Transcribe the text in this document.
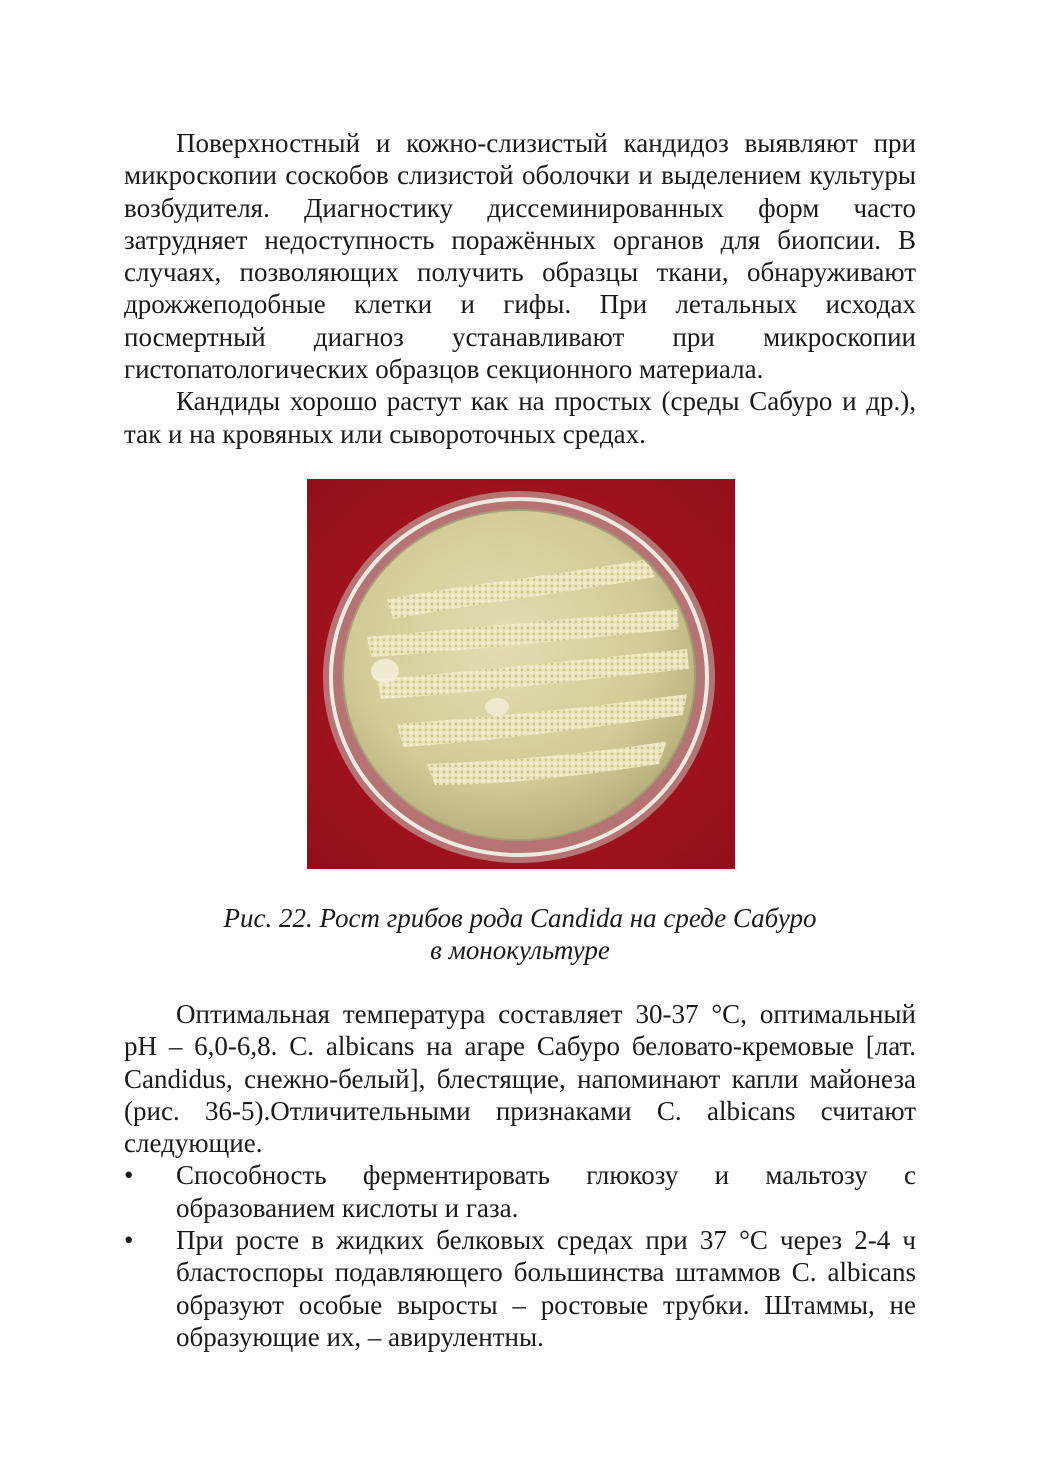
Поверхностный и кожно-слизистый кандидоз выявляют при микроскопии соскобов слизистой оболочки и выделением культуры возбудителя. Диагностику диссеминированных форм часто затрудняет недоступность поражённых органов для биопсии. В случаях, позволяющих получить образцы ткани, обнаруживают дрожжеподобные клетки и гифы. При летальных исходах посмертный диагноз устанавливают при микроскопии гистопатологических образцов секционного материала.

Кандиды хорошо растут как на простых (среды Сабуро и др.), так и на кровяных или сывороточных средах.

Рис. 22. Рост грибов рода Candida на среде Сабуро
в монокультуре

Оптимальная температура составляет 30-37 °С, оптимальный pH – 6,0-6,8. С. albicans на агаре Сабуро беловато-кремовые [лат. Candidus, снежно-белый], блестящие, напоминают капли майонеза (рис. 36-5).Отличительными признаками С. albicans считают следующие.

• Способность ферментировать глюкозу и мальтозу с образованием кислоты и газа.
• При росте в жидких белковых средах при 37 °С через 2-4 ч бластоспоры подавляющего большинства штаммов С. albicans образуют особые выросты – ростовые трубки. Штаммы, не образующие их, – авирулентны.
